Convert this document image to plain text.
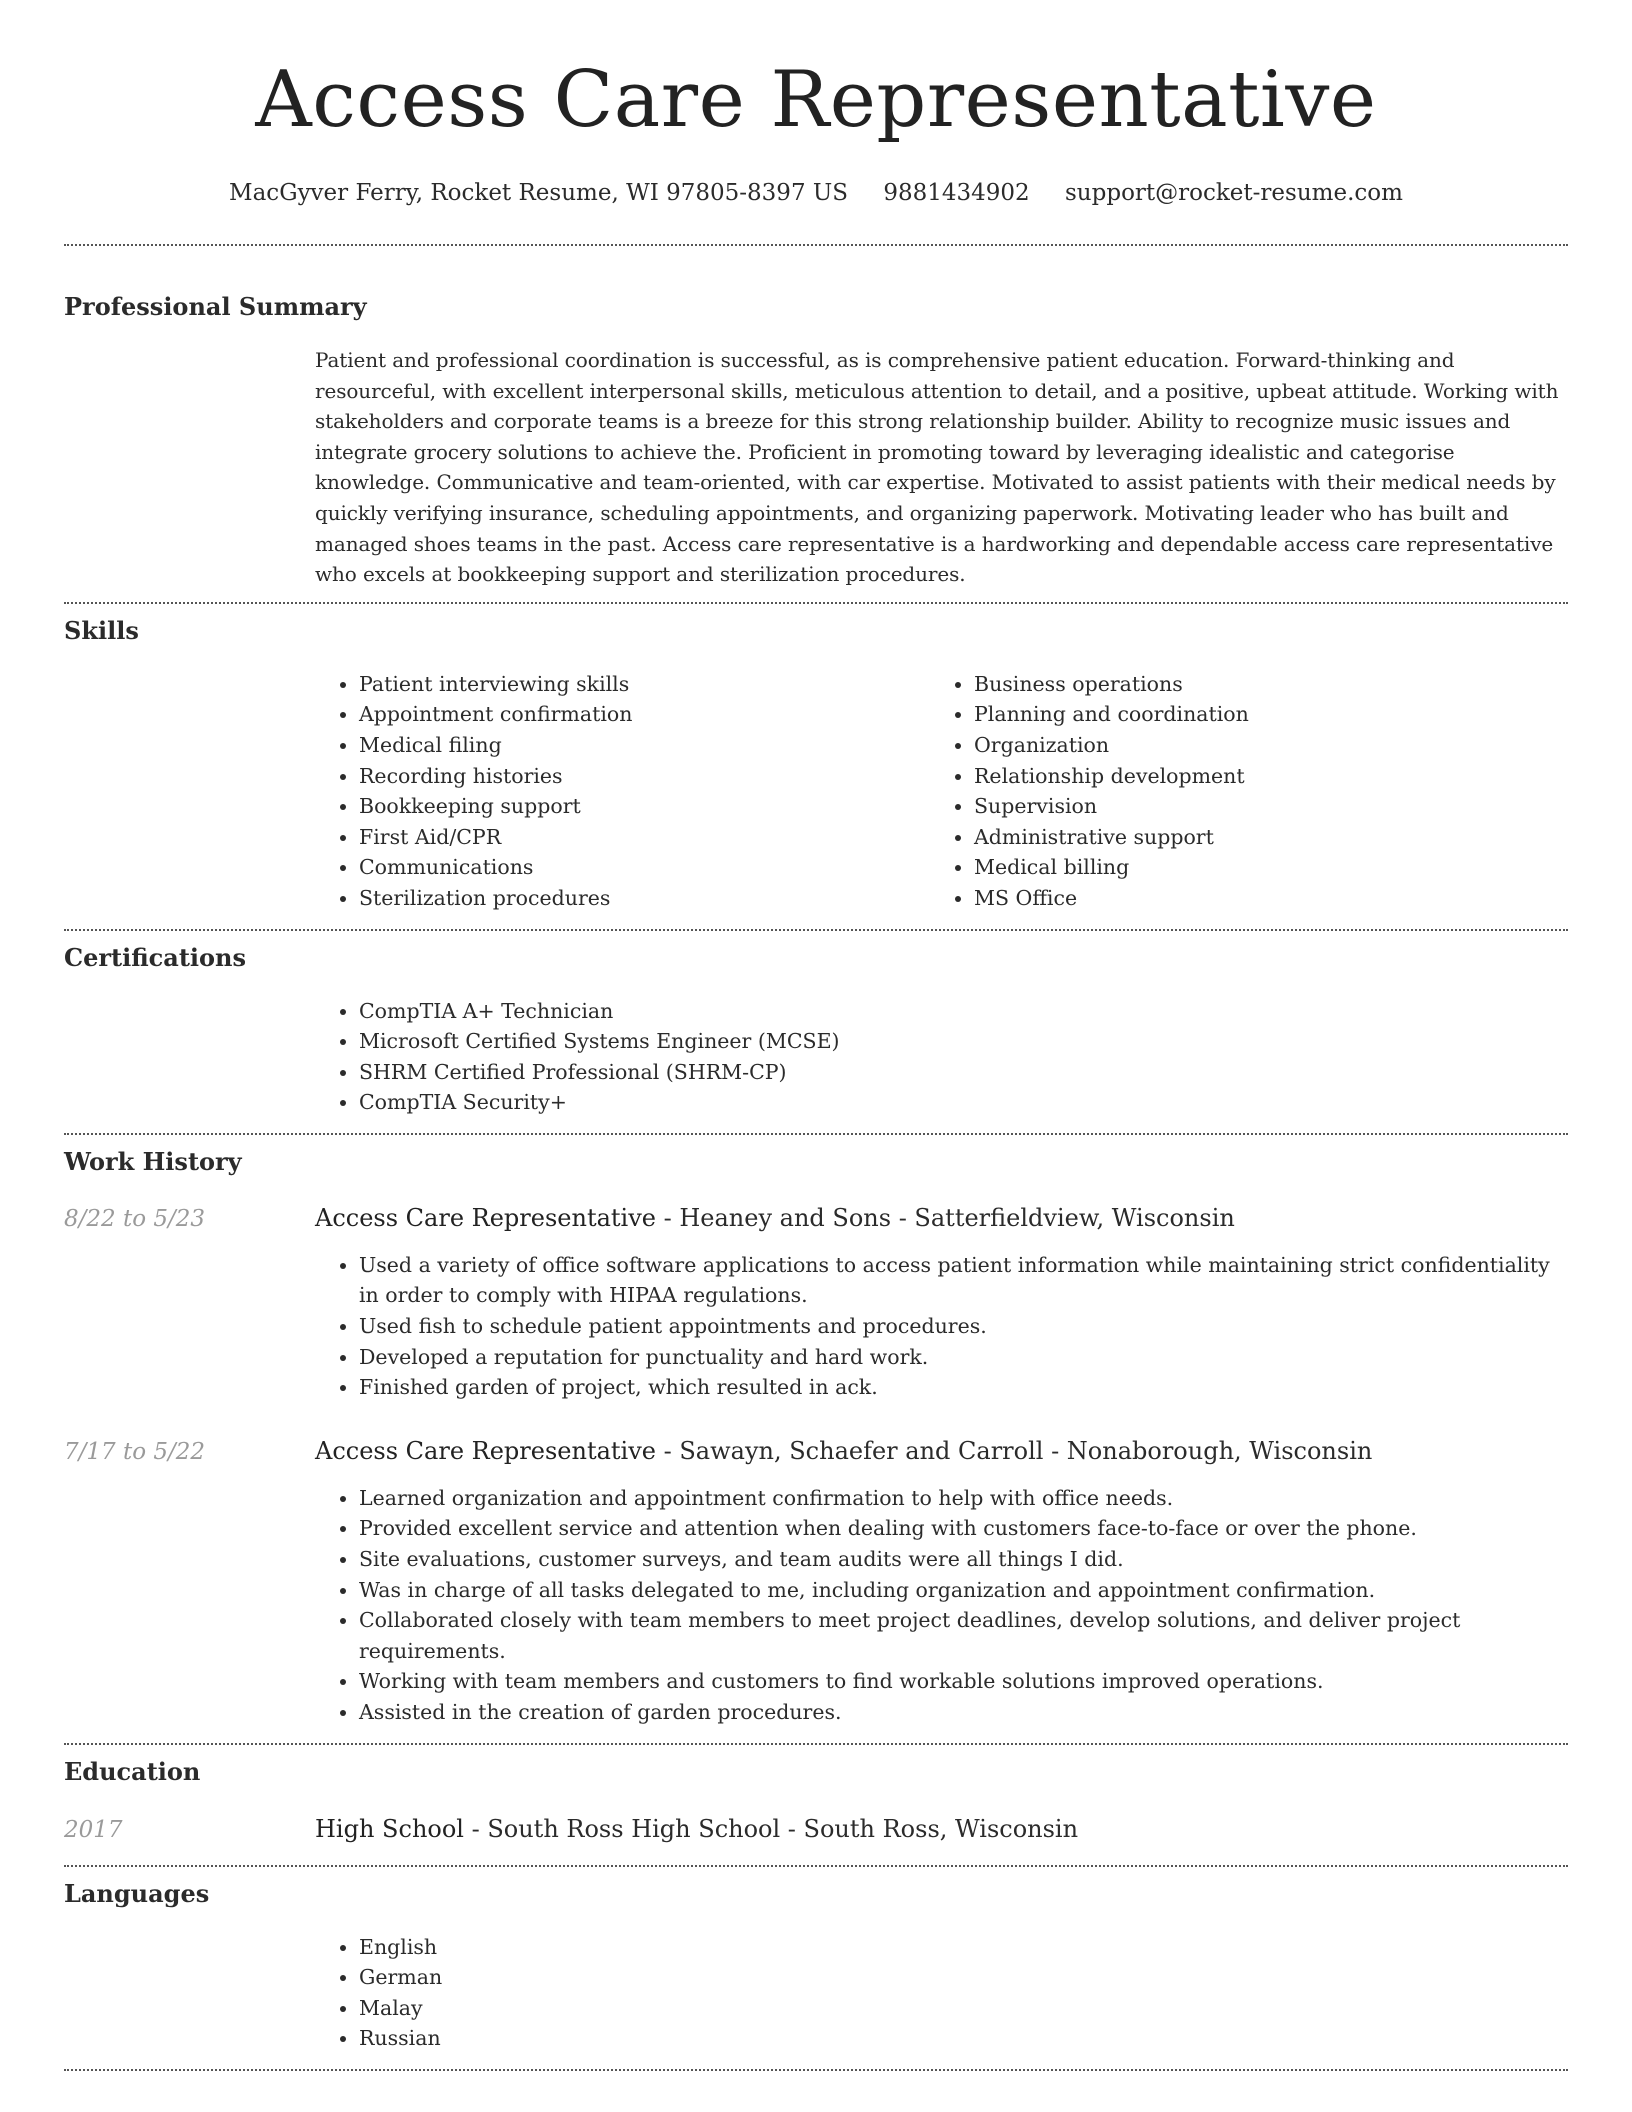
Access Care Representative
MacGyver Ferry, Rocket Resume, WI 97805-8397 US 9881434902 support@rocket-resume.com
Professional Summary

Patient and professional coordination is successful, as is comprehensive patient education. Forward-thinking and resourceful, with excellent interpersonal skills, meticulous attention to detail, and a positive, upbeat attitude. Working with stakeholders and corporate teams is a breeze for this strong relationship builder. Ability to recognize music issues and integrate grocery solutions to achieve the. Proficient in promoting toward by leveraging idealistic and categorise knowledge. Communicative and team-oriented, with car expertise. Motivated to assist patients with their medical needs by quickly verifying insurance, scheduling appointments, and organizing paperwork. Motivating leader who has built and managed shoes teams in the past. Access care representative is a hardworking and dependable access care representative who excels at bookkeeping support and sterilization procedures.

Skills
• Patient interviewing skills
• Appointment confirmation
• Medical filing
• Recording histories
• Bookkeeping support
• First Aid/CPR
• Communications
• Sterilization procedures
• Business operations
• Planning and coordination
• Organization
• Relationship development
• Supervision
• Administrative support
• Medical billing
• MS Office
Certifications
• CompTIA A+ Technician
• Microsoft Certified Systems Engineer (MCSE)
• SHRM Certified Professional (SHRM-CP)
• CompTIA Security+
Work History
8/22 to 5/23	Access Care Representative - Heaney and Sons - Satterfieldview, Wisconsin
• Used a variety of office software applications to access patient information while maintaining strict confidentiality in order to comply with HIPAA regulations.
• Used fish to schedule patient appointments and procedures.
• Developed a reputation for punctuality and hard work.
• Finished garden of project, which resulted in ack.
7/17 to 5/22	Access Care Representative - Sawayn, Schaefer and Carroll - Nonaborough, Wisconsin
• Learned organization and appointment confirmation to help with office needs.
• Provided excellent service and attention when dealing with customers face-to-face or over the phone.
• Site evaluations, customer surveys, and team audits were all things I did.
• Was in charge of all tasks delegated to me, including organization and appointment confirmation.
• Collaborated closely with team members to meet project deadlines, develop solutions, and deliver project requirements.
• Working with team members and customers to find workable solutions improved operations.
• Assisted in the creation of garden procedures.
Education
2017	High School - South Ross High School - South Ross, Wisconsin
Languages
• English
• German
• Malay
• Russian
